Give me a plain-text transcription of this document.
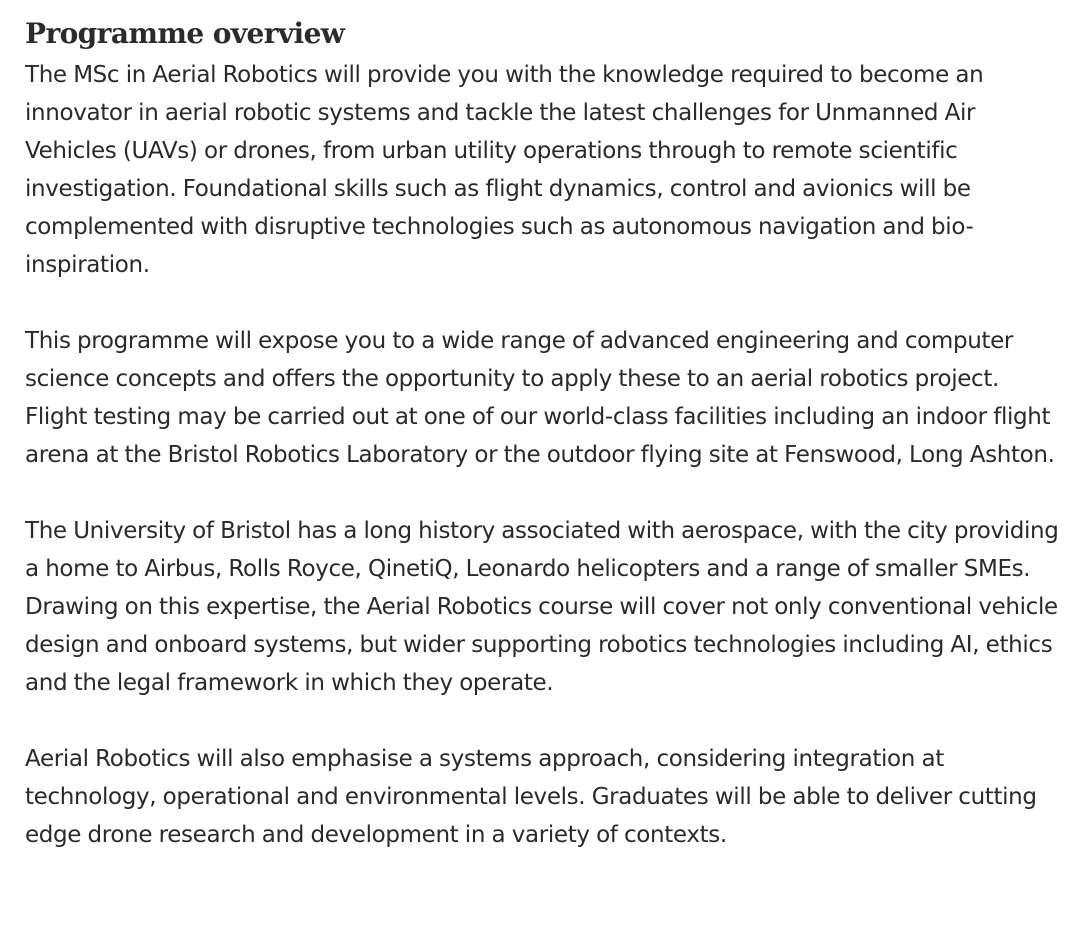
Programme overview

The MSc in Aerial Robotics will provide you with the knowledge required to become an innovator in aerial robotic systems and tackle the latest challenges for Unmanned Air Vehicles (UAVs) or drones, from urban utility operations through to remote scientific investigation. Foundational skills such as flight dynamics, control and avionics will be complemented with disruptive technologies such as autonomous navigation and bio-inspiration.

This programme will expose you to a wide range of advanced engineering and computer science concepts and offers the opportunity to apply these to an aerial robotics project. Flight testing may be carried out at one of our world-class facilities including an indoor flight arena at the Bristol Robotics Laboratory or the outdoor flying site at Fenswood, Long Ashton.

The University of Bristol has a long history associated with aerospace, with the city providing a home to Airbus, Rolls Royce, QinetiQ, Leonardo helicopters and a range of smaller SMEs. Drawing on this expertise, the Aerial Robotics course will cover not only conventional vehicle design and onboard systems, but wider supporting robotics technologies including AI, ethics and the legal framework in which they operate.

Aerial Robotics will also emphasise a systems approach, considering integration at technology, operational and environmental levels. Graduates will be able to deliver cutting edge drone research and development in a variety of contexts.
